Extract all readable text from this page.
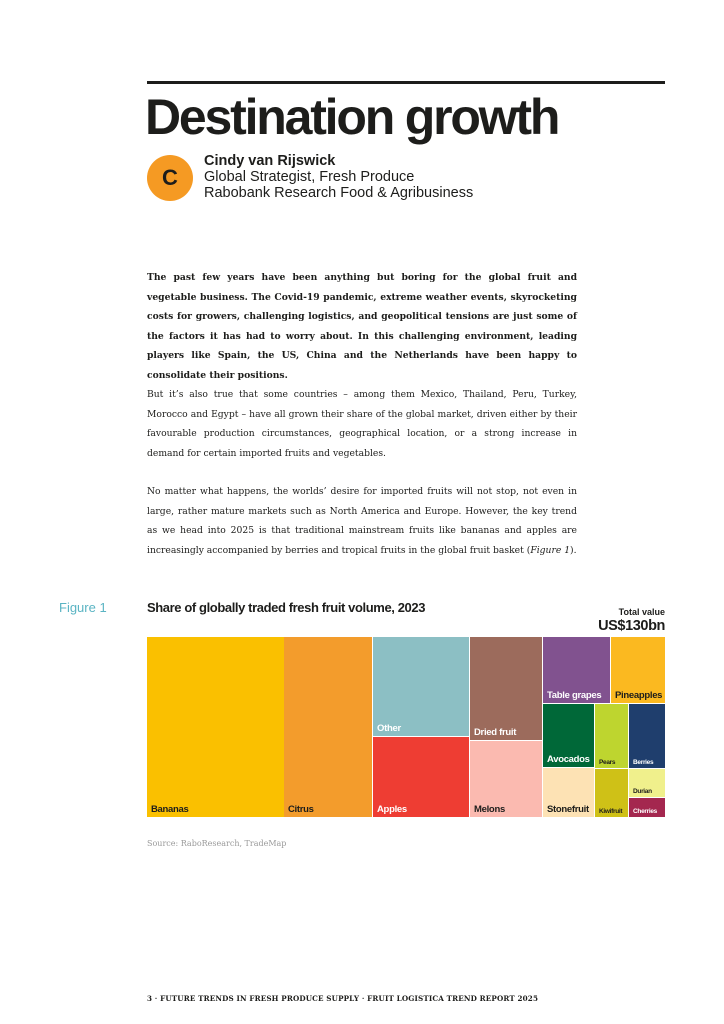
Destination growth
C
Cindy van Rijswick
Global Strategist, Fresh Produce
Rabobank Research Food & Agribusiness

The past few years have been anything but boring for the global fruit and vegetable business. The Covid-19 pandemic, extreme weather events, skyrocketing costs for growers, challenging logistics, and geopolitical tensions are just some of the factors it has had to worry about. In this challenging environment, leading players like Spain, the US, China and the Netherlands have been happy to consolidate their positions.

But it’s also true that some countries – among them Mexico, Thailand, Peru, Turkey, Morocco and Egypt – have all grown their share of the global market, driven either by their favourable production circumstances, geographical location, or a strong increase in demand for certain imported fruits and vegetables.

No matter what happens, the worlds’ desire for imported fruits will not stop, not even in large, rather mature markets such as North America and Europe. However, the key trend as we head into 2025 is that traditional mainstream fruits like bananas and apples are increasingly accompanied by berries and tropical fruits in the global fruit basket (Figure 1).

Figure 1	Share of globally traded fresh fruit volume, 2023	Total value
US$130bn
Bananas	Citrus
Other
Apples
Dried fruit
Melons
Table grapes Pineapples
Avocados Pears	Berries
Stonefruit
Durian
Kiwifruit Cherries
Source: RaboResearch, TradeMap
3 · FUTURE TRENDS IN FRESH PRODUCE SUPPLY · FRUIT LOGISTICA TREND REPORT 2025
